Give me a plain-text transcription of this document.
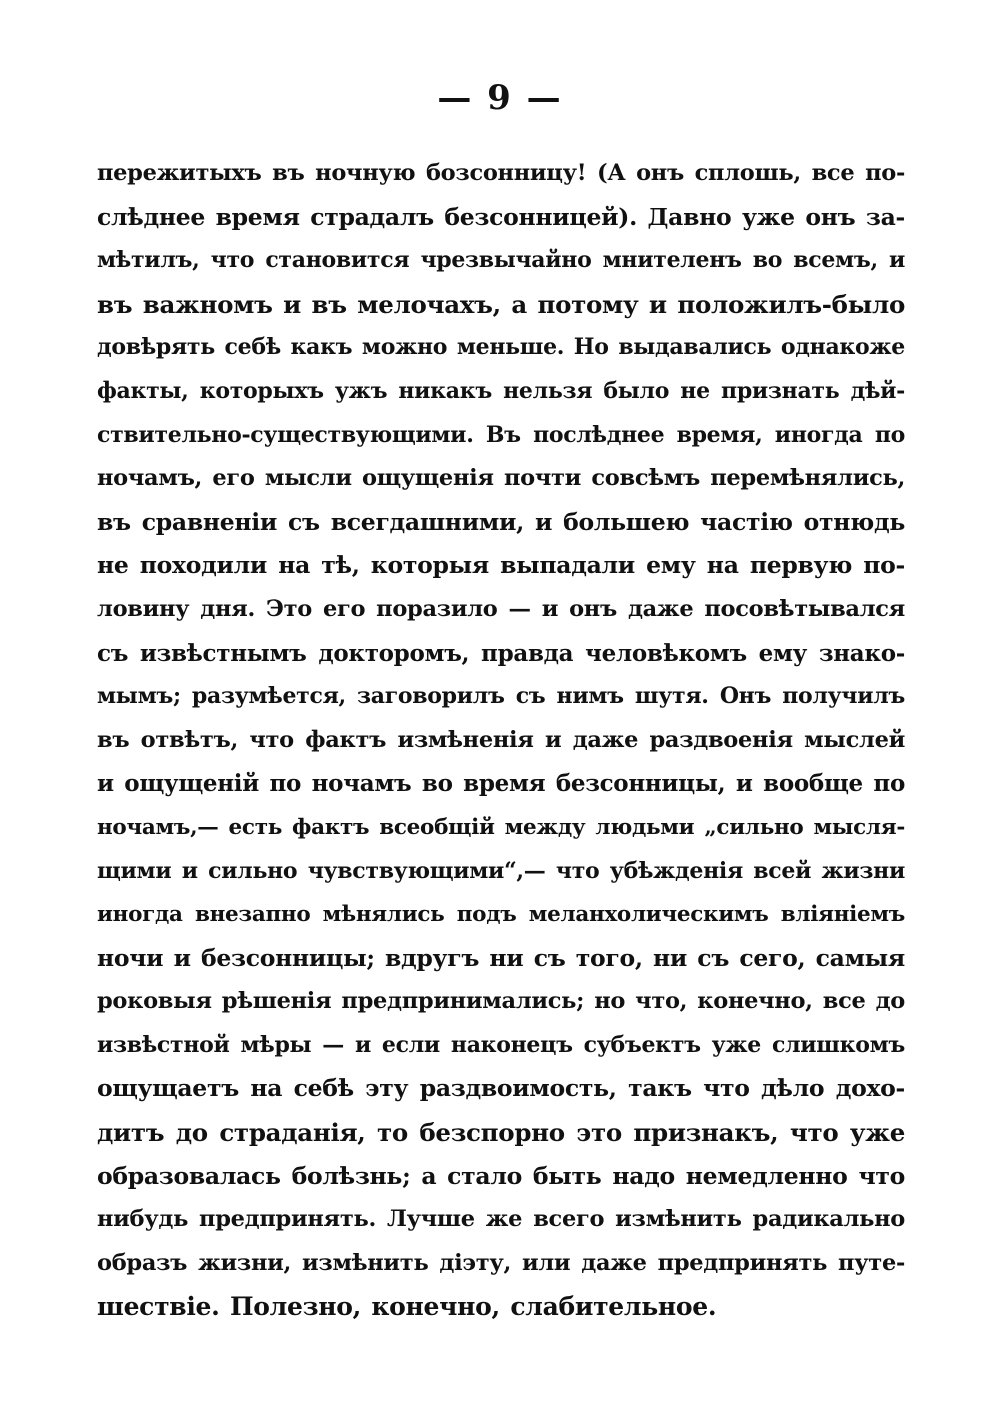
— 9 —
пережитыхъ въ ночную бозсонницу! (А онъ сплошь, все по-
слѣднее время страдалъ безсонницей). Давно уже онъ за-
мѣтилъ, что становится чрезвычайно мнителенъ во всемъ, и
въ важномъ и въ мелочахъ, а потому и положилъ-было
довѣрять себѣ какъ можно меньше. Но выдавались однакоже
факты, которыхъ ужъ никакъ нельзя было не признать дѣй-
ствительно-существующими. Въ послѣднее время, иногда по
ночамъ, его мысли ощущенія почти совсѣмъ перемѣнялись,
въ сравненіи съ всегдашними, и большею частію отнюдь
не походили на тѣ, которыя выпадали ему на первую по-
ловину дня. Это его поразило — и онъ даже посовѣтывался
съ извѣстнымъ докторомъ, правда человѣкомъ ему знако-
мымъ; разумѣется, заговорилъ съ нимъ шутя. Онъ получилъ
въ отвѣтъ, что фактъ измѣненія и даже раздвоенія мыслей
и ощущеній по ночамъ во время безсонницы, и вообще по
ночамъ,— есть фактъ всеобщій между людьми „сильно мысля-
щими и сильно чувствующими“,— что убѣжденія всей жизни
иногда внезапно мѣнялись подъ меланхолическимъ вліяніемъ
ночи и безсонницы; вдругъ ни съ того, ни съ сего, самыя
роковыя рѣшенія предпринимались; но что, конечно, все до
извѣстной мѣры — и если наконецъ субъектъ уже слишкомъ
ощущаетъ на себѣ эту раздвоимость, такъ что дѣло дохо-
дитъ до страданія, то безспорно это признакъ, что уже
образовалась болѣзнь; а стало быть надо немедленно что
нибудь предпринять. Лучше же всего измѣнить радикально
образъ жизни, измѣнить діэту, или даже предпринять путе-
шествіе. Полезно, конечно, слабительное.
